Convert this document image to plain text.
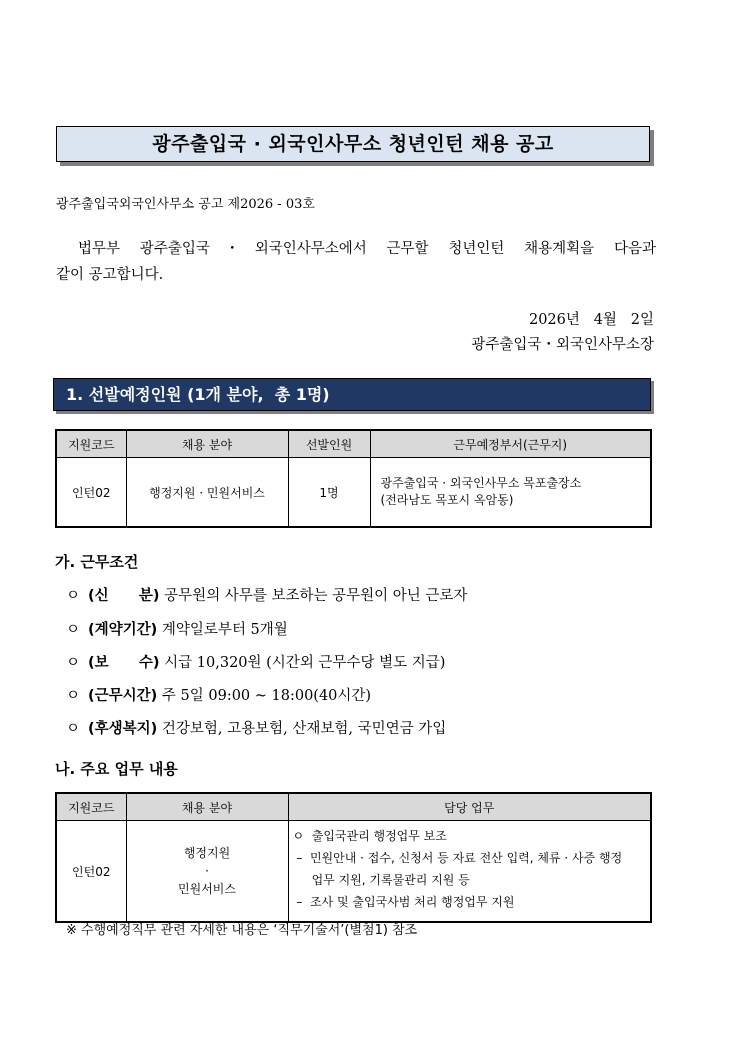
광주출입국 · 외국인사무소 청년인턴 채용 공고
광주출입국외국인사무소 공고 제2026 - 03호
법무부 광주출입국・외국인사무소에서 근무할 청년인턴 채용계획을 다음과
같이 공고합니다.
2026년   4월   2일
광주출입국・외국인사무소장
1. 선발예정인원 (1개 분야,  총 1명)
지원코드	채용 분야	선발인원	근무예정부서(근무지)
인턴02	행정지원 · 민원서비스	1명	광주출입국 · 외국인사무소 목포출장소
(전라남도 목포시 옥암동)
가. 근무조건
ㅇ (신      분) 공무원의 사무를 보조하는 공무원이 아닌 근로자
ㅇ (계약기간) 계약일로부터 5개월
ㅇ (보      수) 시급 10,320원 (시간외 근무수당 별도 지급)
ㅇ (근무시간) 주 5일 09:00 ~ 18:00(40시간)
ㅇ (후생복지) 건강보험, 고용보험, 산재보험, 국민연금 가입
나. 주요 업무 내용
지원코드	채용 분야	담당 업무
인턴02	행정지원
·
민원서비스	ㅇ  출입국관리 행정업무 보조
–  민원안내 · 접수, 신청서 등 자료 전산 입력, 체류 · 사증 행정
업무 지원, 기록물관리 지원 등
–  조사 및 출입국사범 처리 행정업무 지원
※ 수행예정직무 관련 자세한 내용은 ‘직무기술서’(별첨1) 참조
